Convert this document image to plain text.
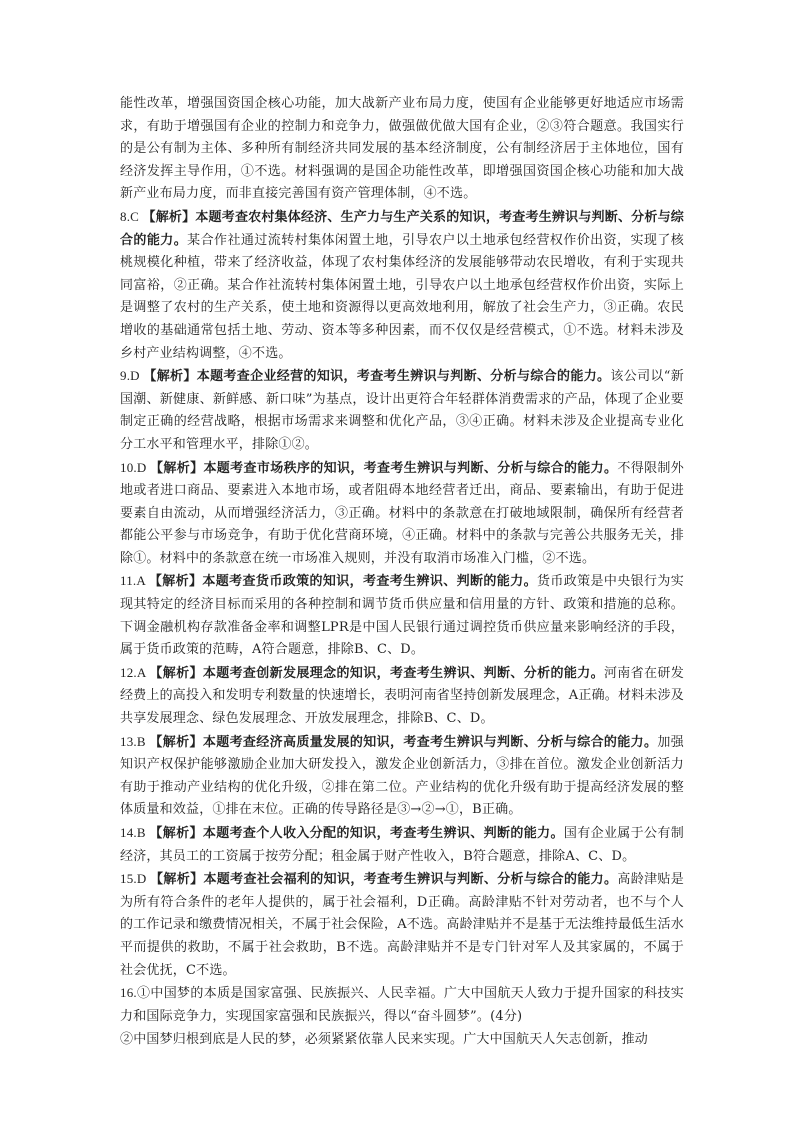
能性改革，增强国资国企核心功能，加大战新产业布局力度，使国有企业能够更好地适应市场需求，有助于增强国有企业的控制力和竞争力，做强做优做大国有企业，②③符合题意。我国实行的是公有制为主体、多种所有制经济共同发展的基本经济制度，公有制经济居于主体地位，国有经济发挥主导作用，①不选。材料强调的是国企功能性改革，即增强国资国企核心功能和加大战新产业布局力度，而非直接完善国有资产管理体制，④不选。

8.C 【解析】本题考查农村集体经济、生产力与生产关系的知识，考查考生辨识与判断、分析与综合的能力。某合作社通过流转村集体闲置土地，引导农户以土地承包经营权作价出资，实现了核桃规模化种植，带来了经济收益，体现了农村集体经济的发展能够带动农民增收，有利于实现共同富裕，②正确。某合作社流转村集体闲置土地，引导农户以土地承包经营权作价出资，实际上是调整了农村的生产关系，使土地和资源得以更高效地利用，解放了社会生产力，③正确。农民增收的基础通常包括土地、劳动、资本等多种因素，而不仅仅是经营模式，①不选。材料未涉及乡村产业结构调整，④不选。

9.D 【解析】本题考查企业经营的知识，考查考生辨识与判断、分析与综合的能力。该公司以“新国潮、新健康、新鲜感、新口味”为基点，设计出更符合年轻群体消费需求的产品，体现了企业要制定正确的经营战略，根据市场需求来调整和优化产品，③④正确。材料未涉及企业提高专业化分工水平和管理水平，排除①②。

10.D 【解析】本题考查市场秩序的知识，考查考生辨识与判断、分析与综合的能力。不得限制外地或者进口商品、要素进入本地市场，或者阻碍本地经营者迁出，商品、要素输出，有助于促进要素自由流动，从而增强经济活力，③正确。材料中的条款意在打破地域限制，确保所有经营者都能公平参与市场竞争，有助于优化营商环境，④正确。材料中的条款与完善公共服务无关，排除①。材料中的条款意在统一市场准入规则，并没有取消市场准入门槛，②不选。

11.A 【解析】本题考查货币政策的知识，考查考生辨识、判断的能力。货币政策是中央银行为实现其特定的经济目标而采用的各种控制和调节货币供应量和信用量的方针、政策和措施的总称。下调金融机构存款准备金率和调整LPR是中国人民银行通过调控货币供应量来影响经济的手段，属于货币政策的范畴，A符合题意，排除B、C、D。

12.A 【解析】本题考查创新发展理念的知识，考查考生辨识、判断、分析的能力。河南省在研发经费上的高投入和发明专利数量的快速增长，表明河南省坚持创新发展理念，A正确。材料未涉及共享发展理念、绿色发展理念、开放发展理念，排除B、C、D。

13.B 【解析】本题考查经济高质量发展的知识，考查考生辨识与判断、分析与综合的能力。加强知识产权保护能够激励企业加大研发投入，激发企业创新活力，③排在首位。激发企业创新活力有助于推动产业结构的优化升级，②排在第二位。产业结构的优化升级有助于提高经济发展的整体质量和效益，①排在末位。正确的传导路径是③→②→①，B正确。

14.B 【解析】本题考查个人收入分配的知识，考查考生辨识、判断的能力。国有企业属于公有制经济，其员工的工资属于按劳分配；租金属于财产性收入，B符合题意，排除A、C、D。

15.D 【解析】本题考查社会福利的知识，考查考生辨识与判断、分析与综合的能力。高龄津贴是为所有符合条件的老年人提供的，属于社会福利，D正确。高龄津贴不针对劳动者，也不与个人的工作记录和缴费情况相关，不属于社会保险，A不选。高龄津贴并不是基于无法维持最低生活水平而提供的救助，不属于社会救助，B不选。高龄津贴并不是专门针对军人及其家属的，不属于社会优抚，C不选。

16.①中国梦的本质是国家富强、民族振兴、人民幸福。广大中国航天人致力于提升国家的科技实力和国际竞争力，实现国家富强和民族振兴，得以“奋斗圆梦”。(4分)

②中国梦归根到底是人民的梦，必须紧紧依靠人民来实现。广大中国航天人矢志创新，推动
